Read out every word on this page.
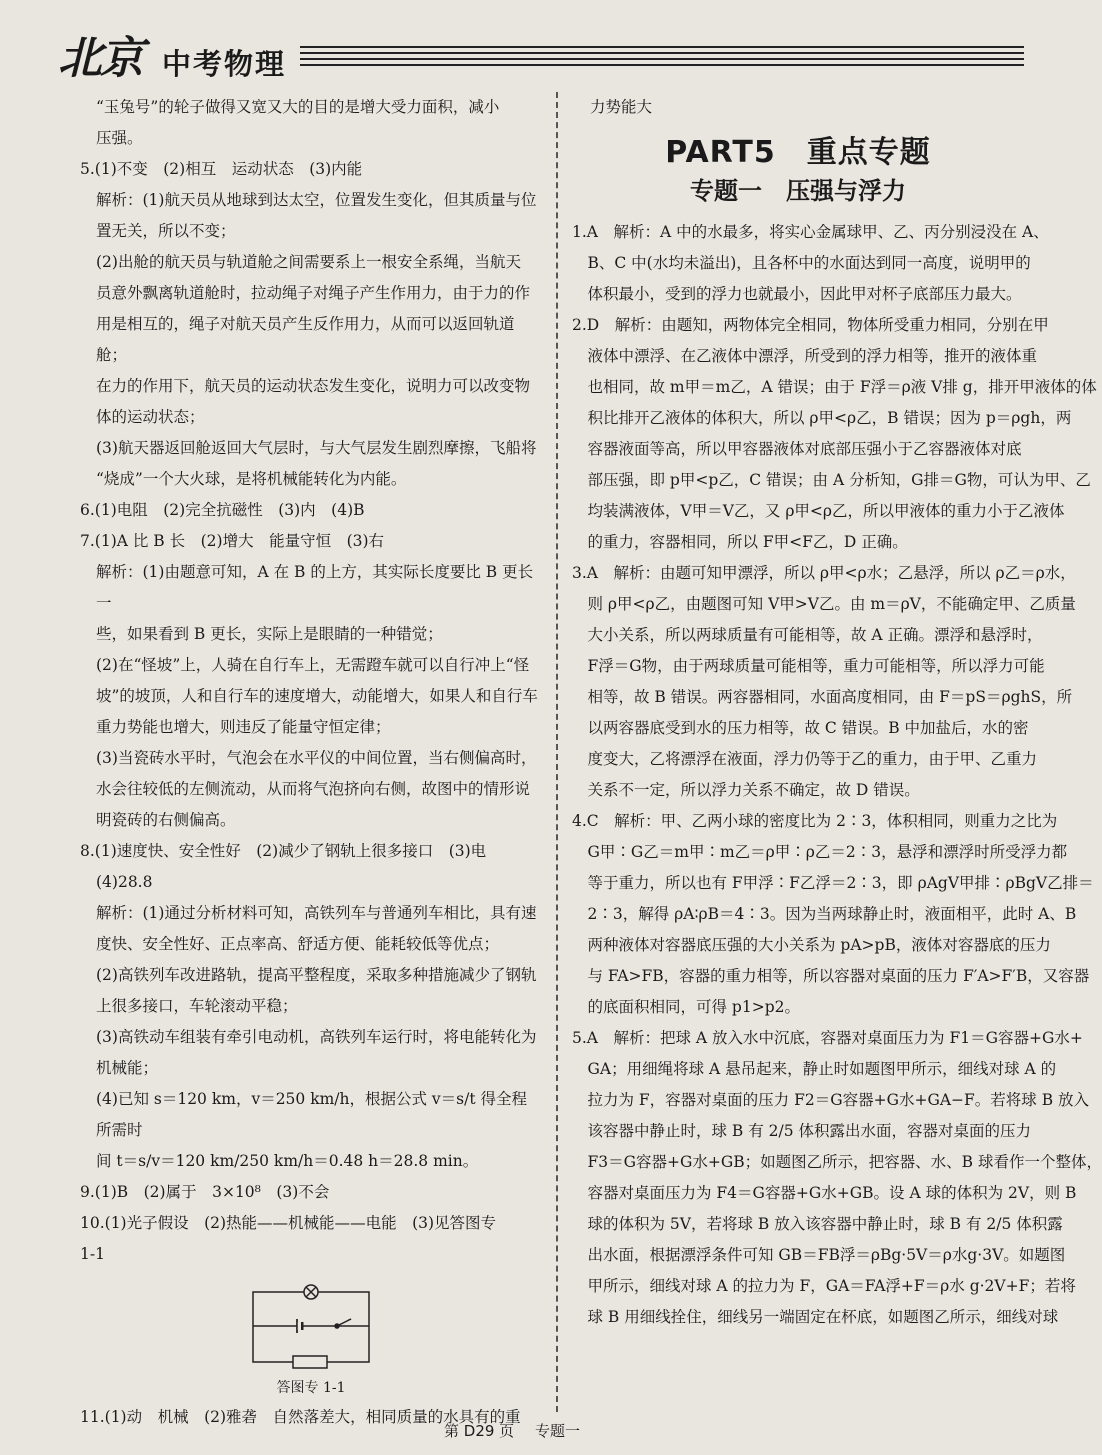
北京 中考物理

“玉兔号”的轮子做得又宽又大的目的是增大受力面积，减小

压强。

5.(1)不变　(2)相互　运动状态　(3)内能

解析：(1)航天员从地球到达太空，位置发生变化，但其质量与位

置无关，所以不变；

(2)出舱的航天员与轨道舱之间需要系上一根安全系绳，当航天

员意外飘离轨道舱时，拉动绳子对绳子产生作用力，由于力的作

用是相互的，绳子对航天员产生反作用力，从而可以返回轨道舱；

在力的作用下，航天员的运动状态发生变化，说明力可以改变物

体的运动状态；

(3)航天器返回舱返回大气层时，与大气层发生剧烈摩擦，飞船将

“烧成”一个大火球，是将机械能转化为内能。

6.(1)电阻　(2)完全抗磁性　(3)内　(4)B

7.(1)A 比 B 长　(2)增大　能量守恒　(3)右

解析：(1)由题意可知，A 在 B 的上方，其实际长度要比 B 更长一

些，如果看到 B 更长，实际上是眼睛的一种错觉；

(2)在“怪坡”上，人骑在自行车上，无需蹬车就可以自行冲上“怪

坡”的坡顶，人和自行车的速度增大，动能增大，如果人和自行车

重力势能也增大，则违反了能量守恒定律；

(3)当瓷砖水平时，气泡会在水平仪的中间位置，当右侧偏高时，

水会往较低的左侧流动，从而将气泡挤向右侧，故图中的情形说

明瓷砖的右侧偏高。

8.(1)速度快、安全性好　(2)减少了钢轨上很多接口　(3)电

(4)28.8

解析：(1)通过分析材料可知，高铁列车与普通列车相比，具有速

度快、安全性好、正点率高、舒适方便、能耗较低等优点；

(2)高铁列车改进路轨，提高平整程度，采取多种措施减少了钢轨

上很多接口，车轮滚动平稳；

(3)高铁动车组装有牵引电动机，高铁列车运行时，将电能转化为

机械能；

(4)已知 s＝120 km，v＝250 km/h，根据公式 v＝s/t 得全程所需时

间 t＝s/v＝120 km/250 km/h＝0.48 h＝28.8 min。

9.(1)B　(2)属于　3×10⁸　(3)不会

10.(1)光子假设　(2)热能——机械能——电能　(3)见答图专

1-1

答图专 1-1

11.(1)动　机械　(2)雅砻　自然落差大，相同质量的水具有的重

力势能大

PART5　重点专题
专题一　压强与浮力

1.A　解析：A 中的水最多，将实心金属球甲、乙、丙分别浸没在 A、

　B、C 中(水均未溢出)，且各杯中的水面达到同一高度，说明甲的

　体积最小，受到的浮力也就最小，因此甲对杯子底部压力最大。

2.D　解析：由题知，两物体完全相同，物体所受重力相同，分别在甲

　液体中漂浮、在乙液体中漂浮，所受到的浮力相等，推开的液体重

　也相同，故 m甲＝m乙，A 错误；由于 F浮＝ρ液 V排 g，排开甲液体的体

　积比排开乙液体的体积大，所以 ρ甲<ρ乙，B 错误；因为 p＝ρgh，两

　容器液面等高，所以甲容器液体对底部压强小于乙容器液体对底

　部压强，即 p甲<p乙，C 错误；由 A 分析知，G排＝G物，可认为甲、乙

　均装满液体，V甲＝V乙，又 ρ甲<ρ乙，所以甲液体的重力小于乙液体

　的重力，容器相同，所以 F甲<F乙，D 正确。

3.A　解析：由题可知甲漂浮，所以 ρ甲<ρ水；乙悬浮，所以 ρ乙＝ρ水，

　则 ρ甲<ρ乙，由题图可知 V甲>V乙。由 m＝ρV，不能确定甲、乙质量

　大小关系，所以两球质量有可能相等，故 A 正确。漂浮和悬浮时，

　F浮＝G物，由于两球质量可能相等，重力可能相等，所以浮力可能

　相等，故 B 错误。两容器相同，水面高度相同，由 F＝pS＝ρghS，所

　以两容器底受到水的压力相等，故 C 错误。B 中加盐后，水的密

　度变大，乙将漂浮在液面，浮力仍等于乙的重力，由于甲、乙重力

　关系不一定，所以浮力关系不确定，故 D 错误。

4.C　解析：甲、乙两小球的密度比为 2∶3，体积相同，则重力之比为

　G甲∶G乙＝m甲∶m乙＝ρ甲∶ρ乙＝2∶3，悬浮和漂浮时所受浮力都

　等于重力，所以也有 F甲浮∶F乙浮＝2∶3，即 ρAgV甲排∶ρBgV乙排＝

　2∶3，解得 ρA∶ρB＝4∶3。因为当两球静止时，液面相平，此时 A、B

　两种液体对容器底压强的大小关系为 pA>pB，液体对容器底的压力

　与 FA>FB，容器的重力相等，所以容器对桌面的压力 F′A>F′B，又容器

　的底面积相同，可得 p1>p2。

5.A　解析：把球 A 放入水中沉底，容器对桌面压力为 F1＝G容器+G水+

　GA；用细绳将球 A 悬吊起来，静止时如题图甲所示，细线对球 A 的

　拉力为 F，容器对桌面的压力 F2＝G容器+G水+GA−F。若将球 B 放入

　该容器中静止时，球 B 有 2/5 体积露出水面，容器对桌面的压力

　F3＝G容器+G水+GB；如题图乙所示，把容器、水、B 球看作一个整体，

　容器对桌面压力为 F4＝G容器+G水+GB。设 A 球的体积为 2V，则 B

　球的体积为 5V，若将球 B 放入该容器中静止时，球 B 有 2/5 体积露

　出水面，根据漂浮条件可知 GB＝FB浮＝ρBg·5V＝ρ水g·3V。如题图

　甲所示，细线对球 A 的拉力为 F，GA＝FA浮+F＝ρ水 g·2V+F；若将

　球 B 用细线拴住，细线另一端固定在杯底，如题图乙所示，细线对球

第 D29 页 专题一
